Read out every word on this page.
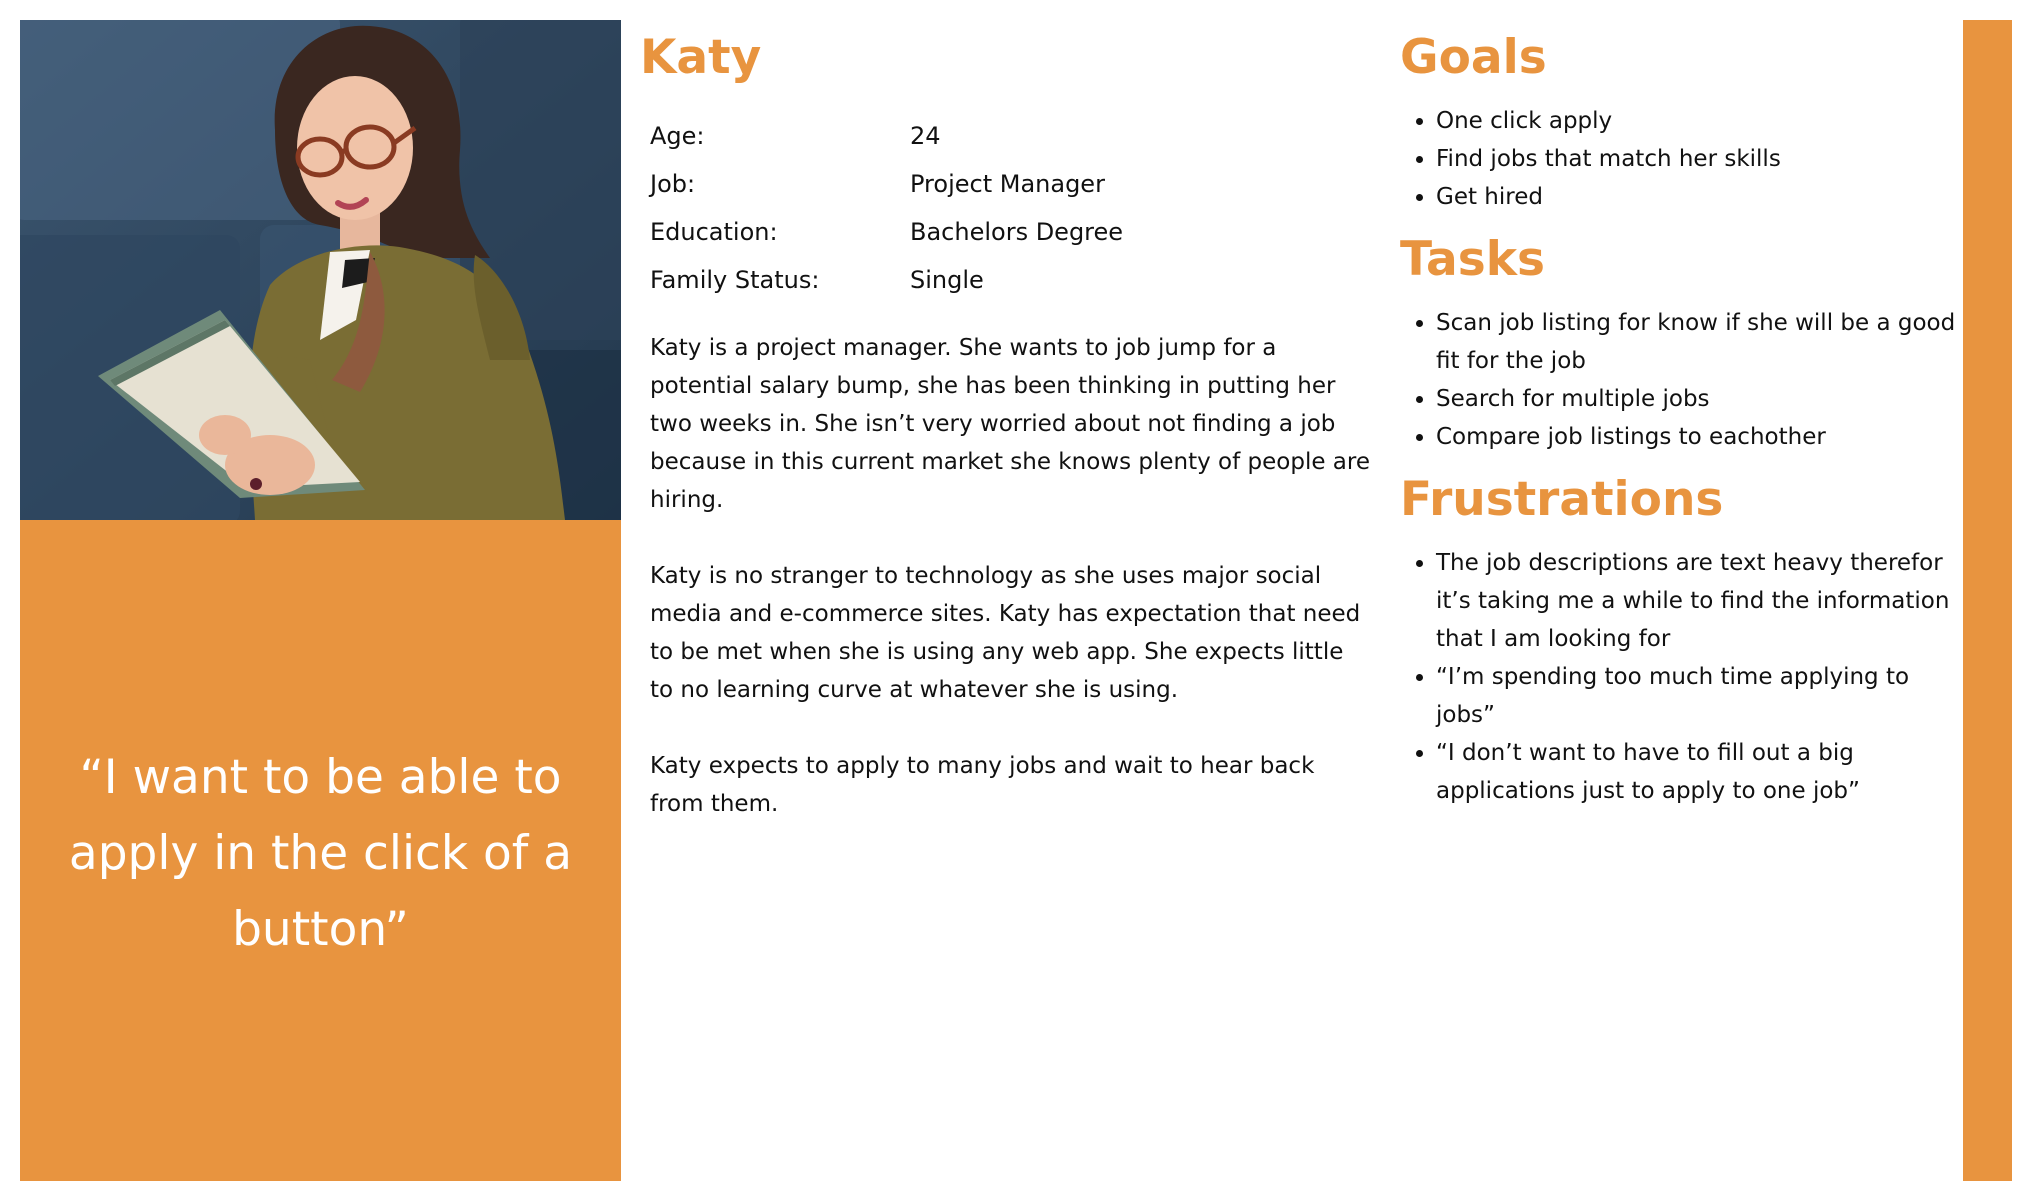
“I want to be able to apply in the click of a button”
Katy
Age:	24
Job:	Project Manager
Education:	Bachelors Degree
Family Status:	Single

Katy is a project manager. She wants to job jump for a potential salary bump, she has been thinking in putting her two weeks in. She isn’t very worried about not finding a job because in this current market she knows plenty of people are hiring.

Katy is no stranger to technology as she uses major social media and e-commerce sites. Katy has expectation that need to be met when she is using any web app. She expects little to no learning curve at whatever she is using.

Katy expects to apply to many jobs and wait to hear back from them.

Goals
• One click apply
• Find jobs that match her skills
• Get hired
Tasks
• Scan job listing for know if she will be a good fit for the job
• Search for multiple jobs
• Compare job listings to eachother
Frustrations
• The job descriptions are text heavy therefor it’s taking me a while to find the information that I am looking for
• “I’m spending too much time applying to jobs”
• “I don’t want to have to fill out a big applications just to apply to one job”
